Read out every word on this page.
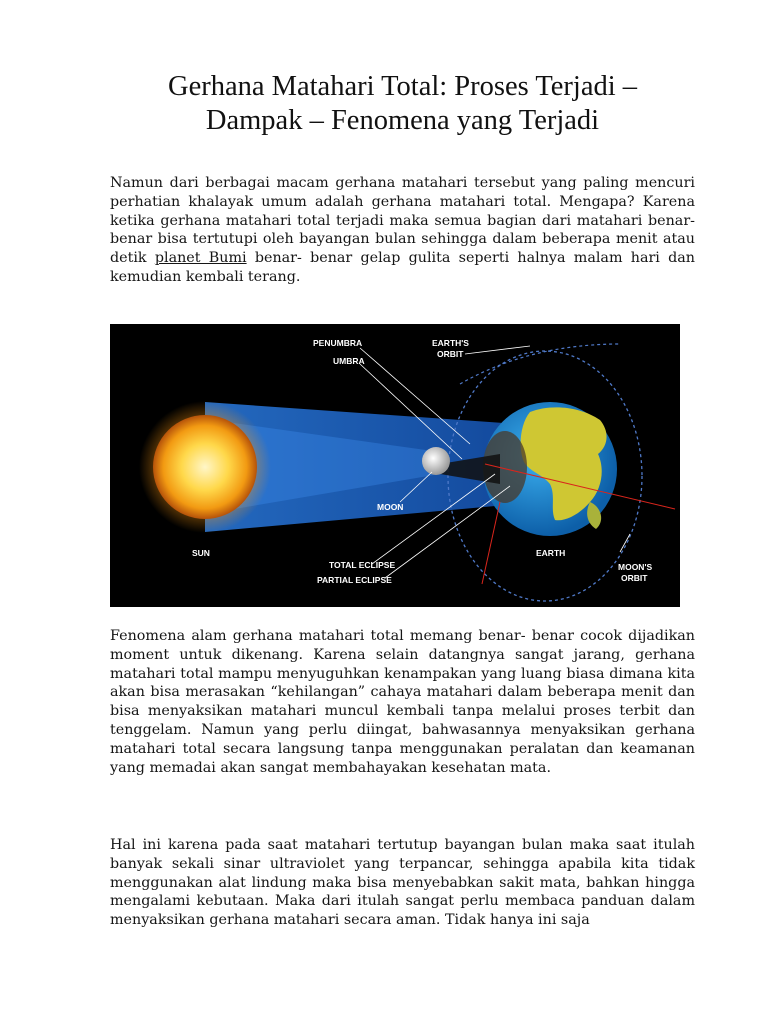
Gerhana Matahari Total: Proses Terjadi –
Dampak – Fenomena yang Terjadi

Namun dari berbagai macam gerhana matahari tersebut yang paling mencuri perhatian khalayak umum adalah gerhana matahari total. Mengapa? Karena ketika gerhana matahari total terjadi maka semua bagian dari matahari benar- benar bisa tertutupi oleh bayangan bulan sehingga dalam beberapa menit atau detik planet Bumi benar- benar gelap gulita seperti halnya malam hari dan kemudian kembali terang.

PENUMBRA
UMBRA
EARTH'S
ORBIT
MOON
SUN
TOTAL ECLIPSE
PARTIAL ECLIPSE
EARTH
MOON'S
ORBIT

Fenomena alam gerhana matahari total memang benar- benar cocok dijadikan moment untuk dikenang. Karena selain datangnya sangat jarang, gerhana matahari total mampu menyuguhkan kenampakan yang luang biasa dimana kita akan bisa merasakan “kehilangan” cahaya matahari dalam beberapa menit dan bisa menyaksikan matahari muncul kembali tanpa melalui proses terbit dan tenggelam. Namun yang perlu diingat, bahwasannya menyaksikan gerhana matahari total secara langsung tanpa menggunakan peralatan dan keamanan yang memadai akan sangat membahayakan kesehatan mata.

Hal ini karena pada saat matahari tertutup bayangan bulan maka saat itulah banyak sekali sinar ultraviolet yang terpancar, sehingga apabila kita tidak menggunakan alat lindung maka bisa menyebabkan sakit mata, bahkan hingga mengalami kebutaan. Maka dari itulah sangat perlu membaca panduan dalam menyaksikan gerhana matahari secara aman. Tidak hanya ini saja
